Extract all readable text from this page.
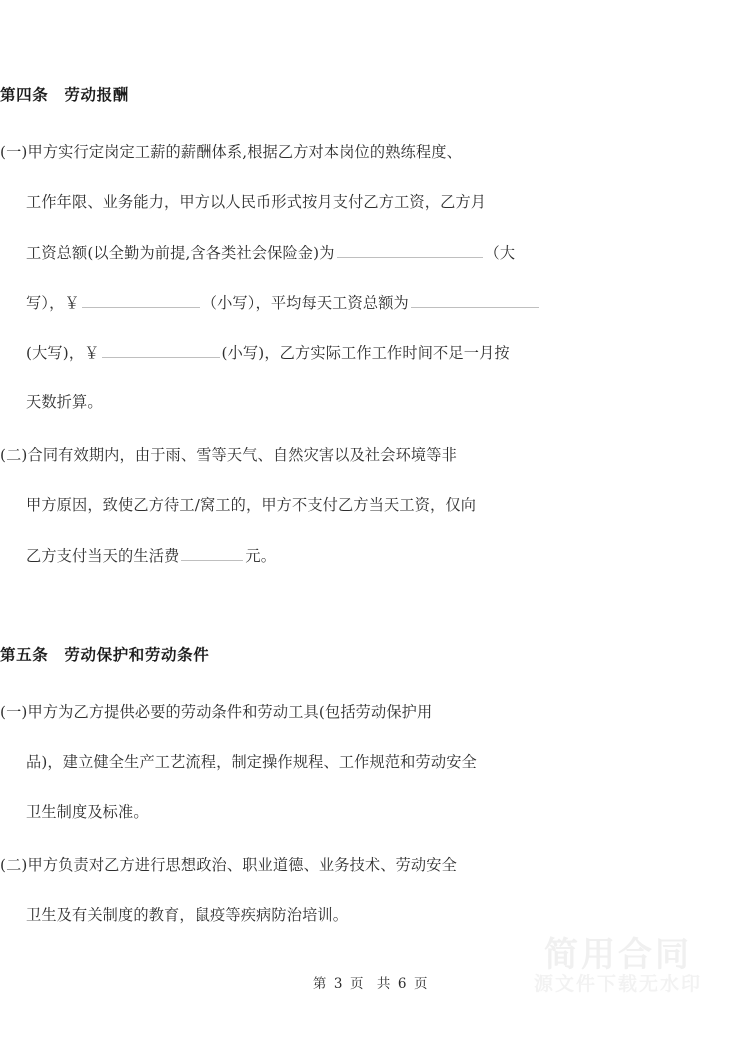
第四条　劳动报酬
第五条　劳动保护和劳动条件
(一)甲方实行定岗定工薪的薪酬体系,根据乙方对本岗位的熟练程度、
工作年限、业务能力，甲方以人民币形式按月支付乙方工资，乙方月
工资总额(以全勤为前提,含各类社会保险金)为	（大
写），￥	（小写），平均每天工资总额为
(大写)，￥	(小写)，乙方实际工作工作时间不足一月按
天数折算。
(二)合同有效期内，由于雨、雪等天气、自然灾害以及社会环境等非
甲方原因，致使乙方待工/窝工的，甲方不支付乙方当天工资，仅向
乙方支付当天的生活费	元。
(一)甲方为乙方提供必要的劳动条件和劳动工具(包括劳动保护用
品)，建立健全生产工艺流程，制定操作规程、工作规范和劳动安全
卫生制度及标准。
(二)甲方负责对乙方进行思想政治、职业道德、业务技术、劳动安全
卫生及有关制度的教育，鼠疫等疾病防治培训。
简用合同
源文件下载无水印
第 3 页  共 6 页
